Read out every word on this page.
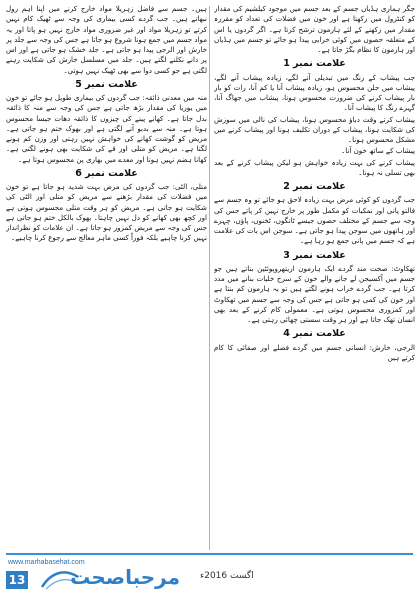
جگر ہماری ہڈیاں جسم کے بعد جسم میں موجود کیلشیم کی مقدار کو کنٹرول میں رکھتا ہے اور خون میں فضلات کی تعداد کو مقررہ مقدار میں رکھنے کے لئے ہارمون ترشح کرتا ہے۔ اگر گردوں یا اس کے متعلقہ حصوں میں کوئی خرابی پیدا ہو جائے تو جسم میں ہڈیاں اور ہارمون کا نظام بگڑ جاتا ہے۔

علامت نمبر 1

جب پیشاب کے رنگ میں تبدیلی آنے لگے، زیادہ پیشاب آنے لگے، پیشاب میں جلن محسوس ہو، زیادہ پیشاب آنا یا کم آنا، رات کو بار بار پیشاب کرنے کی ضرورت محسوس ہونا، پیشاب میں جھاگ آنا، گہرے رنگ کا پیشاب آنا۔

پیشاب کرتے وقت دباؤ محسوس ہونا، پیشاب کی نالی میں سوزش کی شکایت ہونا، پیشاب کے دوران تکلیف ہونا اور پیشاب کرنے میں مشکل محسوس ہونا۔

پیشاب کے ساتھ خون آنا۔

پیشاب کرنے کی بہت زیادہ خواہش ہو لیکن پیشاب کرنے کے بعد بھی تسلی نہ ہونا۔

علامت نمبر 2

جب گردوں کو کوئی مرض بہت زیادہ لاحق ہو جائے تو وہ جسم سے فالتو پانی اور نمکیات کو مکمل طور پر خارج نہیں کر پاتے جس کی وجہ سے جسم کے مختلف حصوں جیسے ٹانگوں، ٹخنوں، پاؤں، چہرے اور ہاتھوں میں سوجن پیدا ہو جاتی ہے۔ سوجن اس بات کی علامت ہے کہ جسم میں پانی جمع ہو رہا ہے۔

علامت نمبر 3

تھکاوٹ: صحت مند گردے ایک ہارمون اریتھروپوئٹین بناتے ہیں جو جسم میں آکسیجن لے جانے والے خون کے سرخ خلیات بنانے میں مدد کرتا ہے۔ جب گردے خراب ہونے لگتے ہیں تو یہ ہارمون کم بنتا ہے اور خون کی کمی ہو جاتی ہے جس کی وجہ سے جسم میں تھکاوٹ اور کمزوری محسوس ہوتی ہے۔ معمولی کام کرنے کے بعد بھی انسان تھک جاتا ہے اور ہر وقت سستی چھائی رہتی ہے۔

علامت نمبر 4

الرجی، خارش: انسانی جسم میں گردے فضلے اور صفائی کا کام کرتے ہیں

ہیں۔ جسم سے فاضل زہریلا مواد خارج کرنے میں اپنا اہم رول نبھاتے ہیں۔ جب گردے کسی بیماری کی وجہ سے ٹھیک کام نہیں کرتے تو زہریلا مواد اور غیر ضروری مواد خارج نہیں ہو پاتا اور یہ مواد جسم میں جمع ہونا شروع ہو جاتا ہے جس کی وجہ سے جلد پر خارش اور الرجی پیدا ہو جاتی ہے۔ جلد خشک ہو جاتی ہے اور اس پر دانے نکلنے لگتے ہیں۔ جلد میں مسلسل خارش کی شکایت رہنے لگتی ہے جو کسی دوا سے بھی ٹھیک نہیں ہوتی۔

علامت نمبر 5

منہ میں معدنی ذائقہ: جب گردوں کی بیماری طویل ہو جائے تو خون میں یوریا کی مقدار بڑھ جاتی ہے جس کی وجہ سے منہ کا ذائقہ بدل جاتا ہے۔ کھانے پینے کی چیزوں کا ذائقہ دھات جیسا محسوس ہوتا ہے۔ منہ سے بدبو آنے لگتی ہے اور بھوک ختم ہو جاتی ہے۔ مریض کو گوشت کھانے کی خواہش نہیں رہتی اور وزن کم ہونے لگتا ہے۔ مریض کو متلی اور قے کی شکایت بھی ہونے لگتی ہے۔ کھانا ہضم نہیں ہوتا اور معدے میں بھاری پن محسوس ہوتا ہے۔

علامت نمبر 6

متلی، الٹی: جب گردوں کی مرض بہت شدید ہو جاتا ہے تو خون میں فضلات کی مقدار بڑھنے سے مریض کو متلی اور الٹی کی شکایت ہو جاتی ہے۔ مریض کو ہر وقت متلی محسوس ہوتی ہے اور کچھ بھی کھانے کو دل نہیں چاہتا۔ بھوک بالکل ختم ہو جاتی ہے جس کی وجہ سے مریض کمزور ہو جاتا ہے۔ ان علامات کو نظرانداز نہیں کرنا چاہیے بلکہ فوراً کسی ماہر معالج سے رجوع کرنا چاہیے۔

www.marhabasehat.com
13 مرحباصحت اگست 2016ء
